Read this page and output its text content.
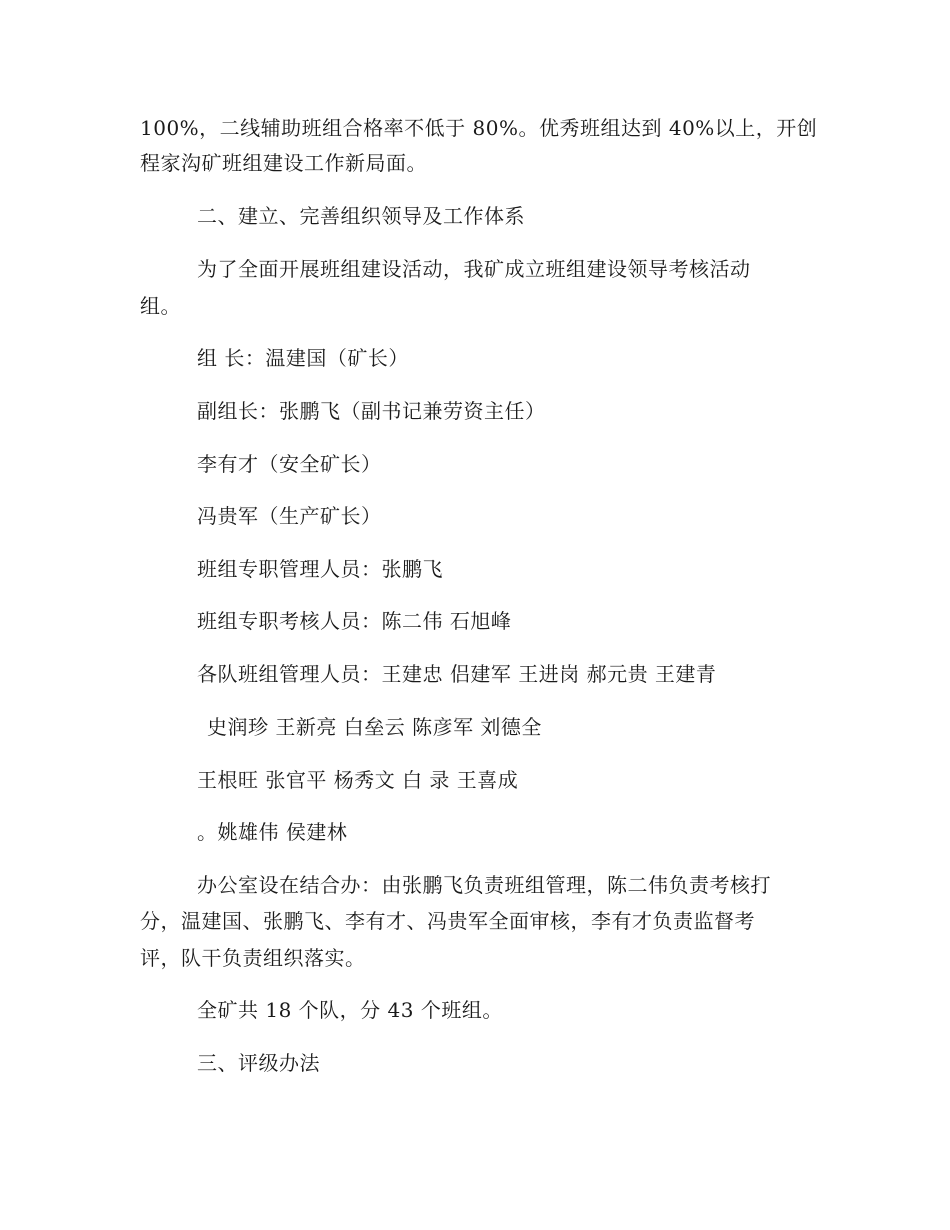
100%，二线辅助班组合格率不低于 80%。优秀班组达到 40%以上，开创
程家沟矿班组建设工作新局面。
二、建立、完善组织领导及工作体系
为了全面开展班组建设活动，我矿成立班组建设领导考核活动
组。
组 长：温建国（矿长）
副组长：张鹏飞（副书记兼劳资主任）
李有才（安全矿长）
冯贵军（生产矿长）
班组专职管理人员：张鹏飞
班组专职考核人员：陈二伟 石旭峰
各队班组管理人员：王建忠 侣建军 王进岗 郝元贵 王建青
史润珍 王新亮 白垒云 陈彦军 刘德全
王根旺 张官平 杨秀文 白 录 王喜成
。姚雄伟 侯建林
办公室设在结合办：由张鹏飞负责班组管理，陈二伟负责考核打
分，温建国、张鹏飞、李有才、冯贵军全面审核，李有才负责监督考
评，队干负责组织落实。
全矿共 18 个队，分 43 个班组。
三、评级办法
